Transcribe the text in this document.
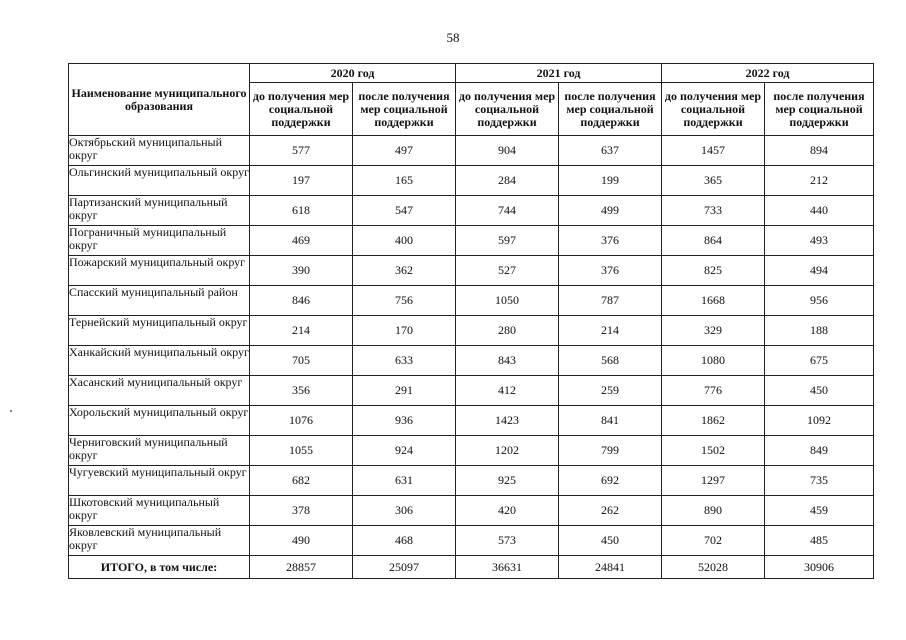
58
Наименование муниципального образования	2020 год		2021 год		2022 год	
	до получения мер социальной поддержки	после получения мер социальной поддержки	до получения мер социальной поддержки	после получения мер социальной поддержки	до получения мер социальной поддержки	после получения мер социальной поддержки
Октябрьский муниципальный округ	577	497	904	637	1457	894
Ольгинский муниципальный округ	197	165	284	199	365	212
Партизанский муниципальный округ	618	547	744	499	733	440
Пограничный муниципальный округ	469	400	597	376	864	493
Пожарский муниципальный округ	390	362	527	376	825	494
Спасский муниципальный район	846	756	1050	787	1668	956
Тернейский муниципальный округ	214	170	280	214	329	188
Ханкайский муниципальный округ	705	633	843	568	1080	675
Хасанский муниципальный округ	356	291	412	259	776	450
Хорольский муниципальный округ	1076	936	1423	841	1862	1092
Черниговский муниципальный округ	1055	924	1202	799	1502	849
Чугуевский муниципальный округ	682	631	925	692	1297	735
Шкотовский муниципальный округ	378	306	420	262	890	459
Яковлевский муниципальный округ	490	468	573	450	702	485
ИТОГО, в том числе:	28857	25097	36631	24841	52028	30906
